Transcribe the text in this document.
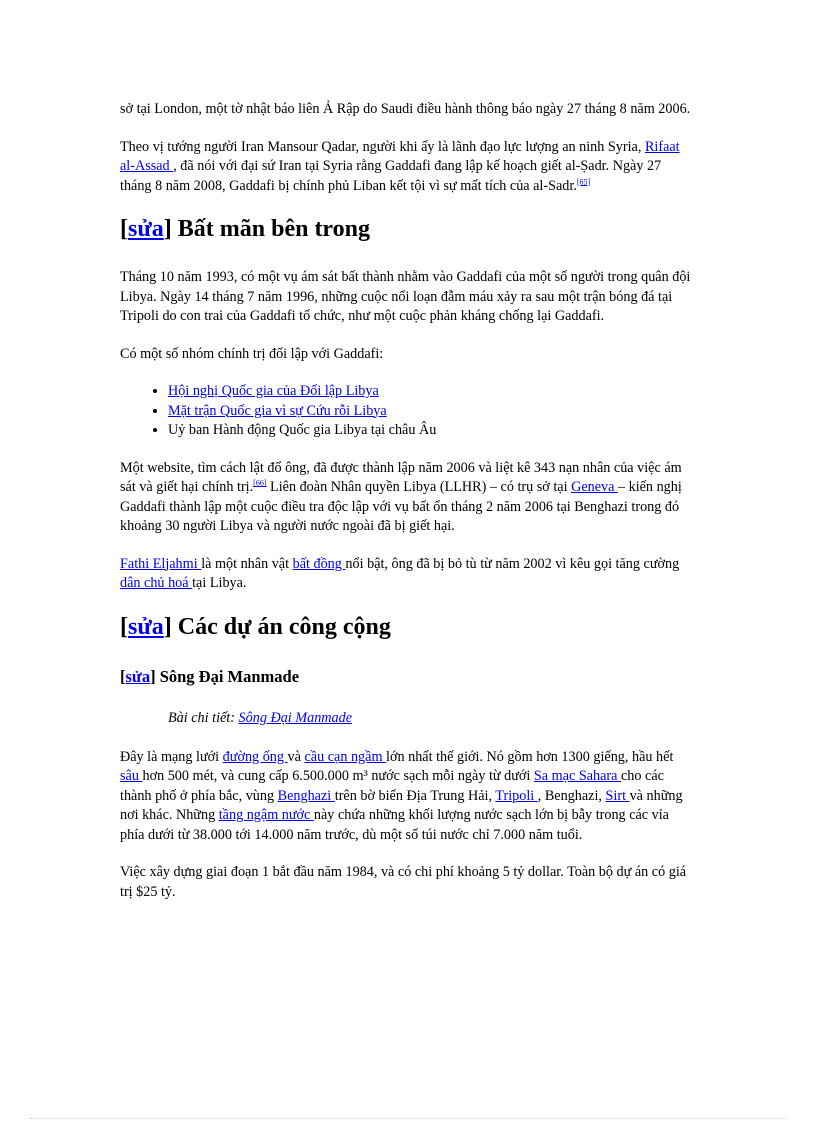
sở tại London, một tờ nhật báo liên Ả Rập do Saudi điều hành thông báo ngày 27 tháng 8 năm 2006.

Theo vị tướng người Iran Mansour Qadar, người khi ấy là lãnh đạo lực lượng an ninh Syria, Rifaat al-Assad , đã nói với đại sứ Iran tại Syria rằng Gaddafi đang lập kế hoạch giết al-Ṣadr. Ngày 27 tháng 8 năm 2008, Gaddafi bị chính phủ Liban kết tội vì sự mất tích của al-Sadr.[65]

[sửa] Bất mãn bên trong

Tháng 10 năm 1993, có một vụ ám sát bất thành nhằm vào Gaddafi của một số người trong quân đội Libya. Ngày 14 tháng 7 năm 1996, những cuộc nổi loạn đẫm máu xảy ra sau một trận bóng đá tại Tripoli do con trai của Gaddafi tổ chức, như một cuộc phản kháng chống lại Gaddafi.

Có một số nhóm chính trị đối lập với Gaddafi:

• Hội nghị Quốc gia của Đối lập Libya
• Mặt trận Quốc gia vì sự Cứu rỗi Libya
• Uỷ ban Hành động Quốc gia Libya tại châu Âu

Một website, tìm cách lật đổ ông, đã được thành lập năm 2006 và liệt kê 343 nạn nhân của việc ám sát và giết hại chính trị.[66] Liên đoàn Nhân quyền Libya (LLHR) – có trụ sở tại Geneva – kiến nghị Gaddafi thành lập một cuộc điều tra độc lập với vụ bất ổn tháng 2 năm 2006 tại Benghazi trong đó khoảng 30 người Libya và người nước ngoài đã bị giết hại.

Fathi Eljahmi là một nhân vật bất đồng nổi bật, ông đã bị bỏ tù từ năm 2002 vì kêu gọi tăng cường dân chủ hoá tại Libya.

[sửa] Các dự án công cộng
[sửa] Sông Đại Manmade
Bài chi tiết: Sông Đại Manmade

Đây là mạng lưới đường ống và cầu cạn ngầm lớn nhất thế giới. Nó gồm hơn 1300 giếng, hầu hết sâu hơn 500 mét, và cung cấp 6.500.000 m³ nước sạch mỗi ngày từ dưới Sa mạc Sahara cho các thành phố ở phía bắc, vùng Benghazi trên bờ biển Địa Trung Hải, Tripoli , Benghazi, Sirt và những nơi khác. Những tầng ngậm nước này chứa những khối lượng nước sạch lớn bị bẫy trong các vỉa phía dưới từ 38.000 tới 14.000 năm trước, dù một số túi nước chỉ 7.000 năm tuổi.

Việc xây dựng giai đoạn 1 bắt đầu năm 1984, và có chi phí khoảng 5 tỷ dollar. Toàn bộ dự án có giá trị $25 tỷ.
